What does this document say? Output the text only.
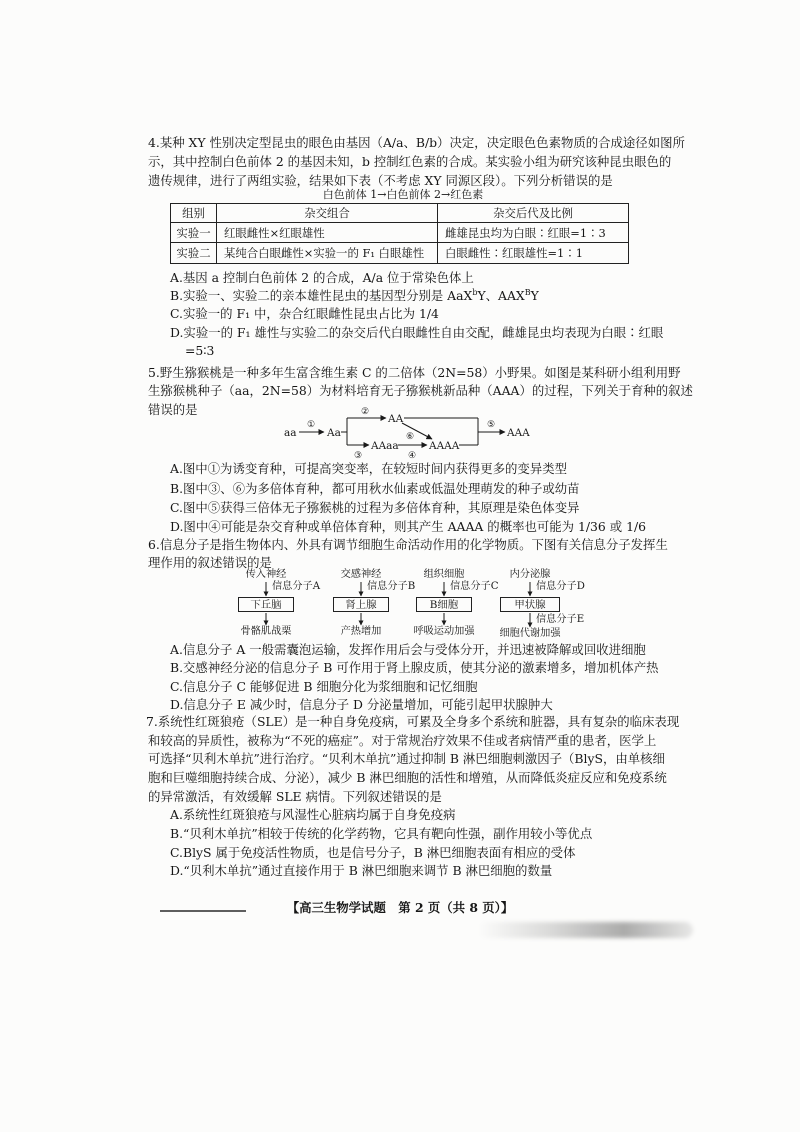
4.某种 XY 性别决定型昆虫的眼色由基因（A/a、B/b）决定，决定眼色色素物质的合成途径如图所
示，其中控制白色前体 2 的基因未知，b 控制红色素的合成。某实验小组为研究该种昆虫眼色的
遗传规律，进行了两组实验，结果如下表（不考虑 XY 同源区段）。下列分析错误的是
白色前体 1→白色前体 2→红色素
组别	杂交组合	杂交后代及比例
实验一	红眼雌性×红眼雄性	雌雄昆虫均为白眼∶红眼=1∶3
实验二	某纯合白眼雌性×实验一的 F₁ 白眼雄性	白眼雌性∶红眼雄性=1∶1
A.基因 a 控制白色前体 2 的合成，A/a 位于常染色体上
B.实验一、实验二的亲本雄性昆虫的基因型分别是 AaX$^b$Y、$AAX^BY$
C.实验一的 F₁ 中，杂合红眼雌性昆虫占比为 1/4
D.实验一的 F₁ 雄性与实验二的杂交后代白眼雌性自由交配，雌雄昆虫均表现为白眼∶红眼
=5∶3
5.野生猕猴桃是一种多年生富含维生素 C 的二倍体（2N=58）小野果。如图是某科研小组利用野
生猕猴桃种子（aa，2N=58）为材料培育无子猕猴桃新品种（AAA）的过程，下列关于育种的叙述
错误的是
aa	Aa
AA
AAaa	AAAA
AAA
①
②
③	④
⑤
⑥
A.图中①为诱变育种，可提高突变率，在较短时间内获得更多的变异类型
B.图中③、⑥为多倍体育种，都可用秋水仙素或低温处理萌发的种子或幼苗
C.图中⑤获得三倍体无子猕猴桃的过程为多倍体育种，其原理是染色体变异
D.图中④可能是杂交育种或单倍体育种，则其产生 AAAA 的概率也可能为 1/36 或 1/6
6.信息分子是指生物体内、外具有调节细胞生命活动作用的化学物质。下图有关信息分子发挥生
理作用的叙述错误的是
传入神经
信息分子A
下丘脑
骨骼肌战栗
交感神经
信息分子B
肾上腺
产热增加
组织细胞
信息分子C
B细胞
呼吸运动加强
内分泌腺
信息分子D
甲状腺
信息分子E
细胞代谢加强
A.信息分子 A 一般需囊泡运输，发挥作用后会与受体分开，并迅速被降解或回收进细胞
B.交感神经分泌的信息分子 B 可作用于肾上腺皮质，使其分泌的激素增多，增加机体产热
C.信息分子 C 能够促进 B 细胞分化为浆细胞和记忆细胞
D.信息分子 E 减少时，信息分子 D 分泌量增加，可能引起甲状腺肿大
7.系统性红斑狼疮（SLE）是一种自身免疫病，可累及全身多个系统和脏器，具有复杂的临床表现
和较高的异质性，被称为“不死的癌症”。对于常规治疗效果不佳或者病情严重的患者，医学上
可选择“贝利木单抗”进行治疗。“贝利木单抗”通过抑制 B 淋巴细胞刺激因子（BlyS，由单核细
胞和巨噬细胞持续合成、分泌），减少 B 淋巴细胞的活性和增殖，从而降低炎症反应和免疫系统
的异常激活，有效缓解 SLE 病情。下列叙述错误的是
A.系统性红斑狼疮与风湿性心脏病均属于自身免疫病
B.“贝利木单抗”相较于传统的化学药物，它具有靶向性强，副作用较小等优点
C.BlyS 属于免疫活性物质，也是信号分子，B 淋巴细胞表面有相应的受体
D.“贝利木单抗”通过直接作用于 B 淋巴细胞来调节 B 淋巴细胞的数量
【高三生物学试题　第 2 页（共 8 页）】
